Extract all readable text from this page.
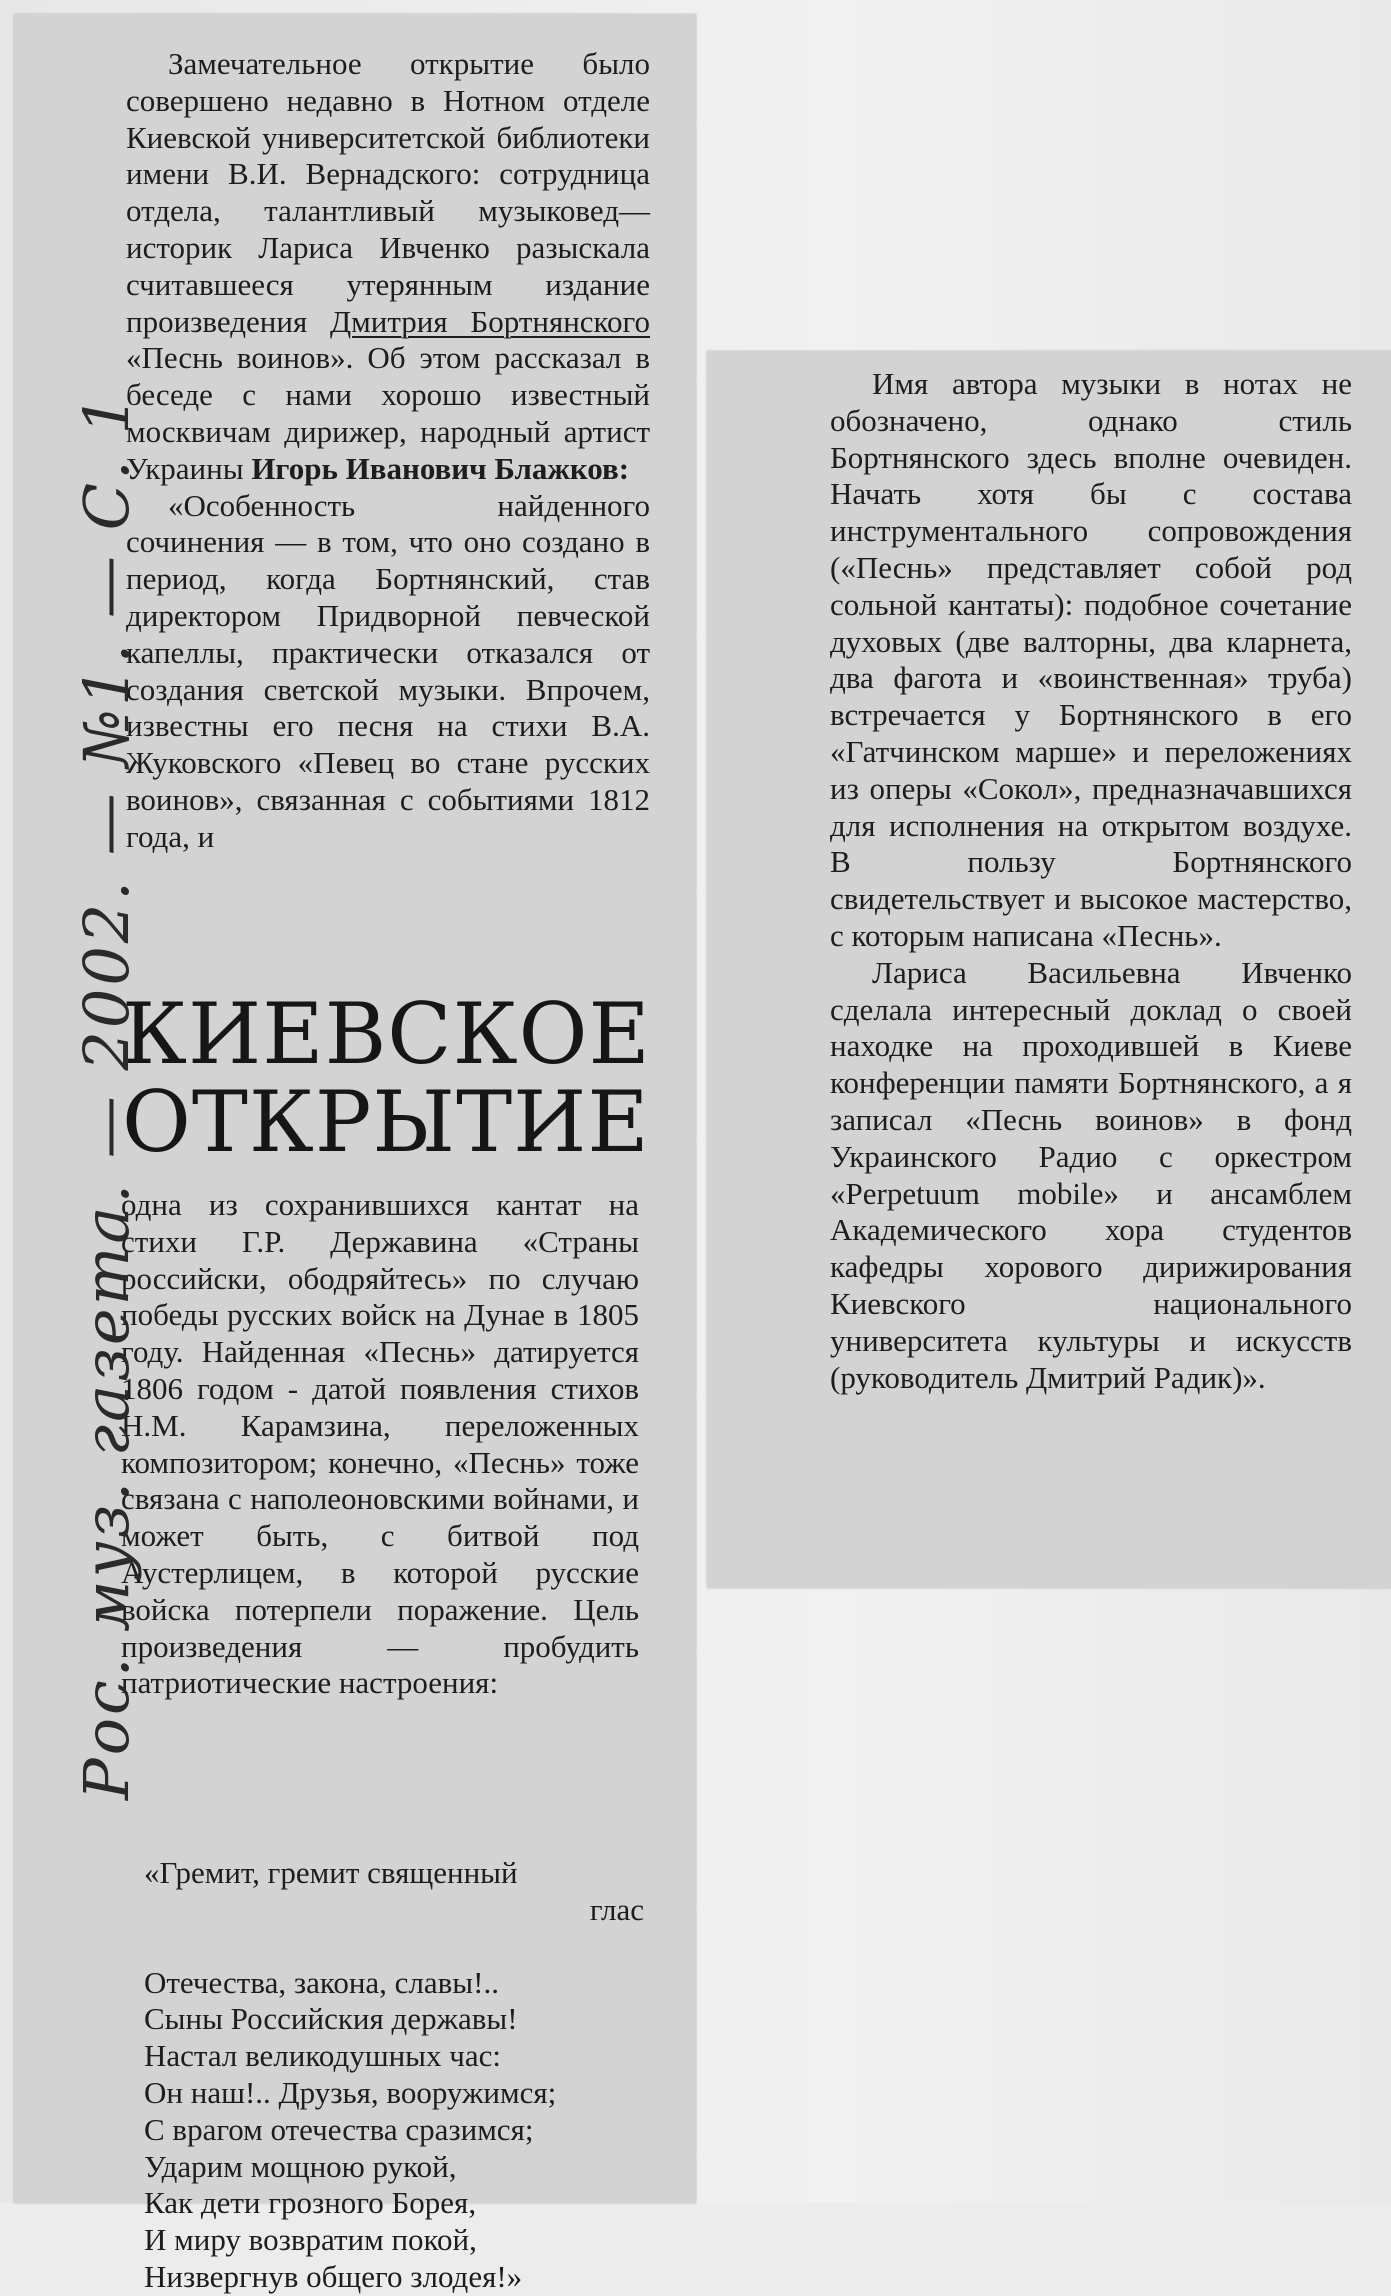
Замечательное открытие было совершено недавно в Нотном отделе Киевской университетской библиотеки имени В.И. Вернадского: сотрудница отдела, талантливый музыковед—историк Лариса Ивченко разыскала считавшееся утерянным издание произведения Дмитрия Бортнянского «Песнь воинов». Об этом рассказал в беседе с нами хорошо известный москвичам дирижер, народный артист Украины Игорь Иванович Блажков:

«Особенность найденного сочинения — в том, что оно создано в период, когда Бортнянский, став директором Придворной певческой капеллы, практически отказался от создания светской музыки. Впрочем, известны его песня на стихи В.А. Жуковского «Певец во стане русских воинов», связанная с событиями 1812 года, и

КИЕВСКОЕ
ОТКРЫТИЕ

одна из сохранившихся кантат на стихи Г.Р. Державина «Страны российски, ободряйтесь» по случаю победы русских войск на Дунае в 1805 году. Найденная «Песнь» датируется 1806 годом - датой появления стихов Н.М. Карамзина, переложенных композитором; конечно, «Песнь» тоже связана с наполеоновскими войнами, и может быть, с битвой под Аустерлицем, в которой русские войска потерпели поражение. Цель произведения — пробудить патриотические настроения:

«Гремит, гремит священный
глас
Отечества, закона, славы!..
Сыны Российския державы!
Настал великодушных час:
Он наш!.. Друзья, вооружимся;
С врагом отечества сразимся;
Ударим мощною рукой,
Как дети грозного Борея,
И миру возвратим покой,
Низвергнув общего злодея!»

Имя автора музыки в нотах не обозначено, однако стиль Бортнянского здесь вполне очевиден. Начать хотя бы с состава инструментального сопровождения («Песнь» представляет собой род сольной кантаты): подобное сочетание духовых (две валторны, два кларнета, два фагота и «воинственная» труба) встречается у Бортнянского в его «Гатчинском марше» и переложениях из оперы «Сокол», предназначавшихся для исполнения на открытом воздухе. В пользу Бортнянского свидетельствует и высокое мастерство, с которым написана «Песнь».

Лариса Васильевна Ивченко сделала интересный доклад о своей находке на проходившей в Киеве конференции памяти Бортнянского, а я записал «Песнь воинов» в фонд Украинского Радио с оркестром «Perpetuum mobile» и ансамблем Академического хора студентов кафедры хорового дирижирования Киевского национального университета культуры и искусств (руководитель Дмитрий Радик)».

Рос. муз. газета. — 2002. — №1. — С. 1
